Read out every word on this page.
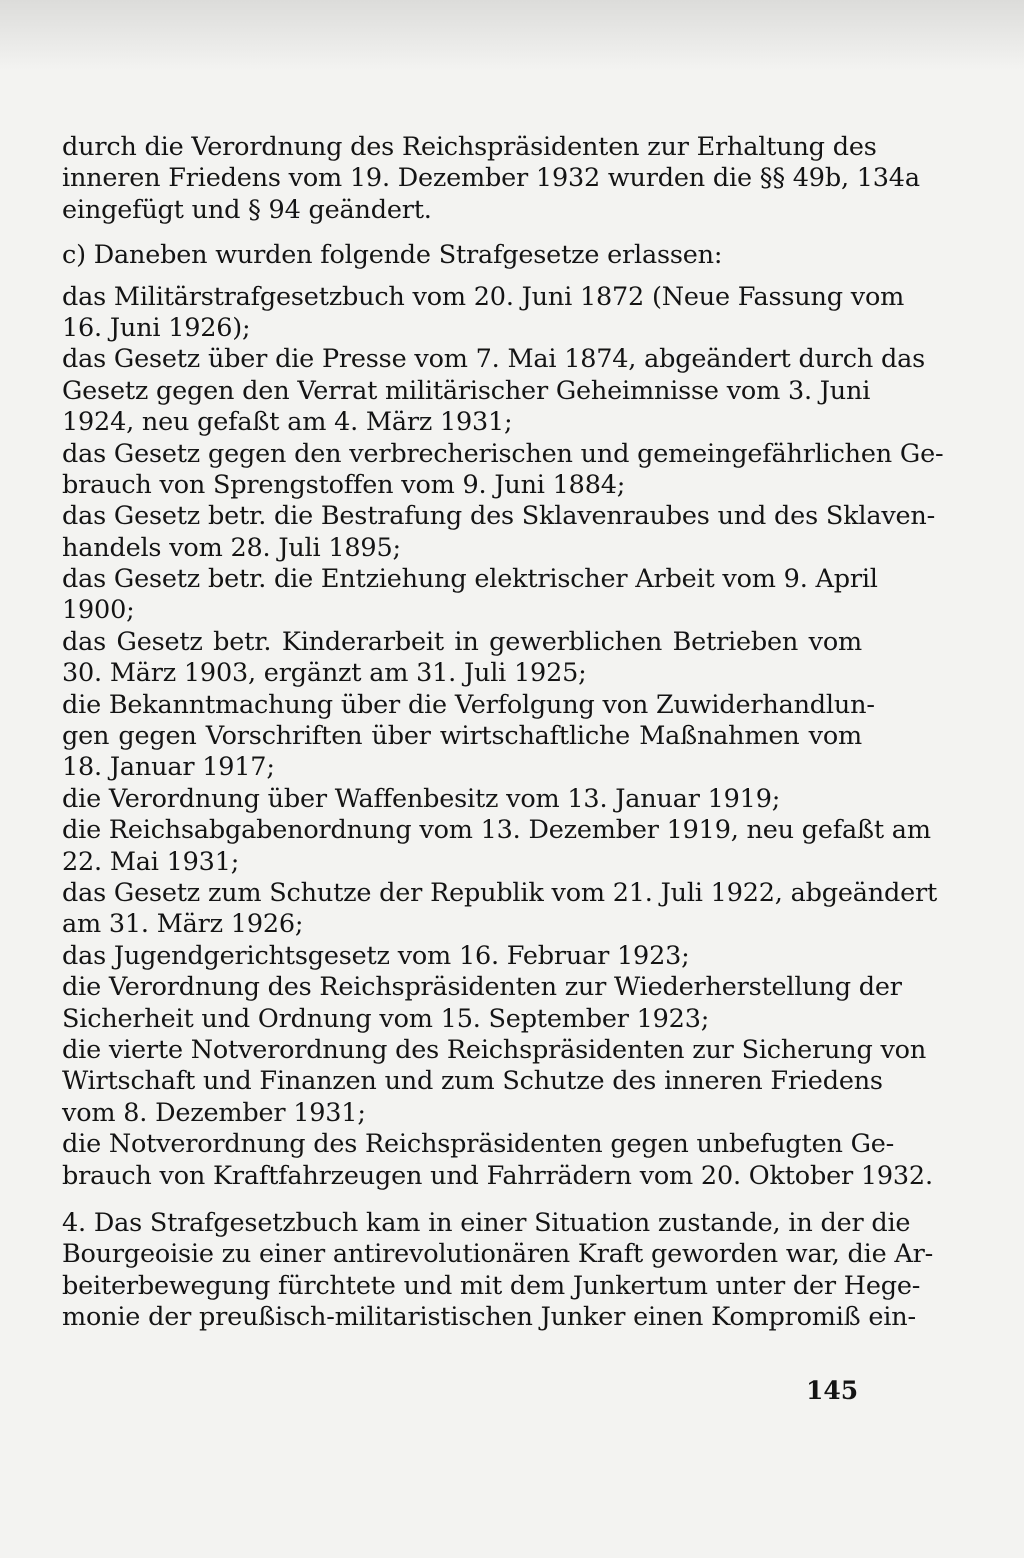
durch die Verordnung des Reichspräsidenten zur Erhaltung des
inneren Friedens vom 19. Dezember 1932 wurden die §§ 49b, 134a
eingefügt und § 94 geändert.
c) Daneben wurden folgende Strafgesetze erlassen:
das Militärstrafgesetzbuch vom 20. Juni 1872 (Neue Fassung vom
16. Juni 1926);
das Gesetz über die Presse vom 7. Mai 1874, abgeändert durch das
Gesetz gegen den Verrat militärischer Geheimnisse vom 3. Juni
1924, neu gefaßt am 4. März 1931;
das Gesetz gegen den verbrecherischen und gemeingefährlichen Ge-
brauch von Sprengstoffen vom 9. Juni 1884;
das Gesetz betr. die Bestrafung des Sklavenraubes und des Sklaven-
handels vom 28. Juli 1895;
das Gesetz betr. die Entziehung elektrischer Arbeit vom 9. April
1900;
das Gesetz betr. Kinderarbeit in gewerblichen Betrieben vom
30. März 1903, ergänzt am 31. Juli 1925;
die Bekanntmachung über die Verfolgung von Zuwiderhandlun-
gen gegen Vorschriften über wirtschaftliche Maßnahmen vom
18. Januar 1917;
die Verordnung über Waffenbesitz vom 13. Januar 1919;
die Reichsabgabenordnung vom 13. Dezember 1919, neu gefaßt am
22. Mai 1931;
das Gesetz zum Schutze der Republik vom 21. Juli 1922, abgeändert
am 31. März 1926;
das Jugendgerichtsgesetz vom 16. Februar 1923;
die Verordnung des Reichspräsidenten zur Wiederherstellung der
Sicherheit und Ordnung vom 15. September 1923;
die vierte Notverordnung des Reichspräsidenten zur Sicherung von
Wirtschaft und Finanzen und zum Schutze des inneren Friedens
vom 8. Dezember 1931;
die Notverordnung des Reichspräsidenten gegen unbefugten Ge-
brauch von Kraftfahrzeugen und Fahrrädern vom 20. Oktober 1932.
4. Das Strafgesetzbuch kam in einer Situation zustande, in der die
Bourgeoisie zu einer antirevolutionären Kraft geworden war, die Ar-
beiterbewegung fürchtete und mit dem Junkertum unter der Hege-
monie der preußisch-militaristischen Junker einen Kompromiß ein-
145
